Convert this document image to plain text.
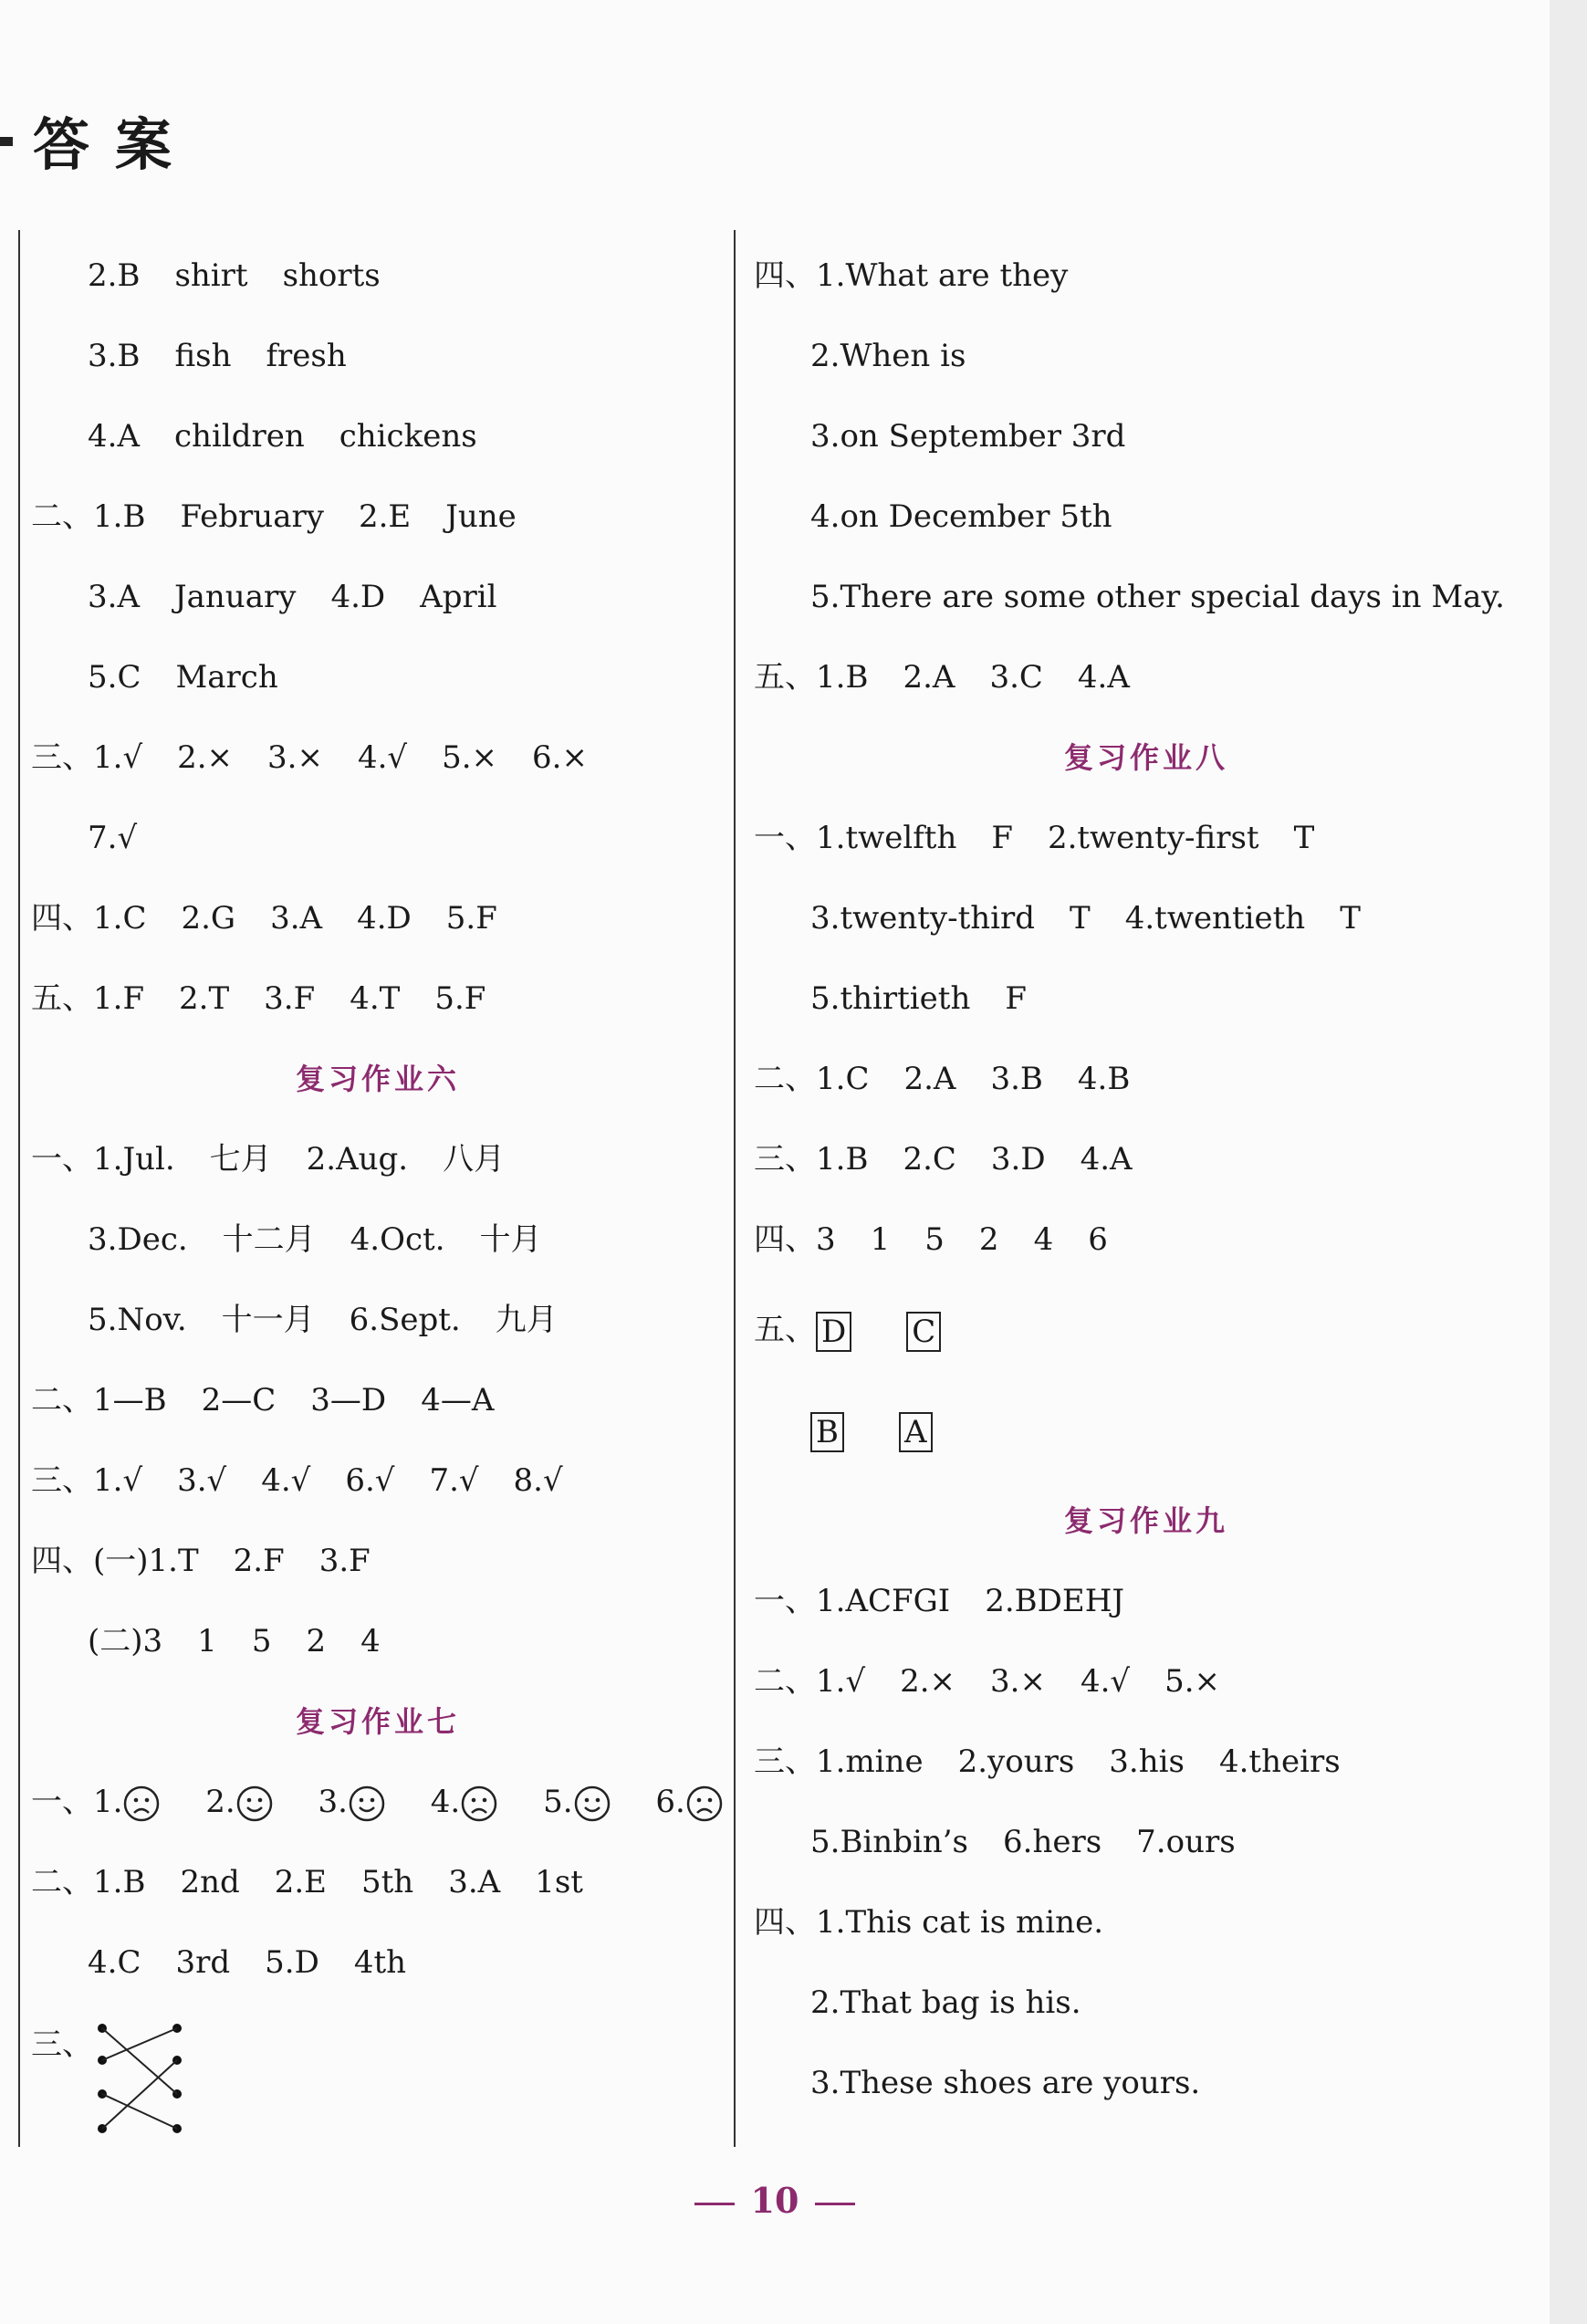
答案
2.B shirt shorts
3.B fish fresh
4.A children chickens
二、1.B February 2.E June
3.A January 4.D April
5.C March
三、1.√ 2.× 3.× 4.√ 5.× 6.×
7.√
四、1.C 2.G 3.A 4.D 5.F
五、1.F 2.T 3.F 4.T 5.F
复习作业六
一、1.Jul. 七月 2.Aug. 八月
3.Dec. 十二月 4.Oct. 十月
5.Nov. 十一月 6.Sept. 九月
二、1—B 2—C 3—D 4—A
三、1.√ 3.√ 4.√ 6.√ 7.√ 8.√
四、(一)1.T 2.F 3.F
(二)3 1 5 2 4
复习作业七
一、1.	2.	3.	4.	5.	6.
二、1.B 2nd 2.E 5th 3.A 1st
4.C 3rd 5.D 4th
三、
四、1.What are they
2.When is
3.on September 3rd
4.on December 5th
5.There are some other special days in May.
五、1.B 2.A 3.C 4.A
复习作业八
一、1.twelfth F 2.twenty-first T
3.twenty-third T 4.twentieth T
5.thirtieth F
二、1.C 2.A 3.B 4.B
三、1.B 2.C 3.D 4.A
四、3 1 5 2 4 6
五、 D C
B A
复习作业九
一、1.ACFGI 2.BDEHJ
二、1.√ 2.× 3.× 4.√ 5.×
三、1.mine 2.yours 3.his 4.theirs
5.Binbin’s 6.hers 7.ours
四、1.This cat is mine.
2.That bag is his.
3.These shoes are yours.
10
